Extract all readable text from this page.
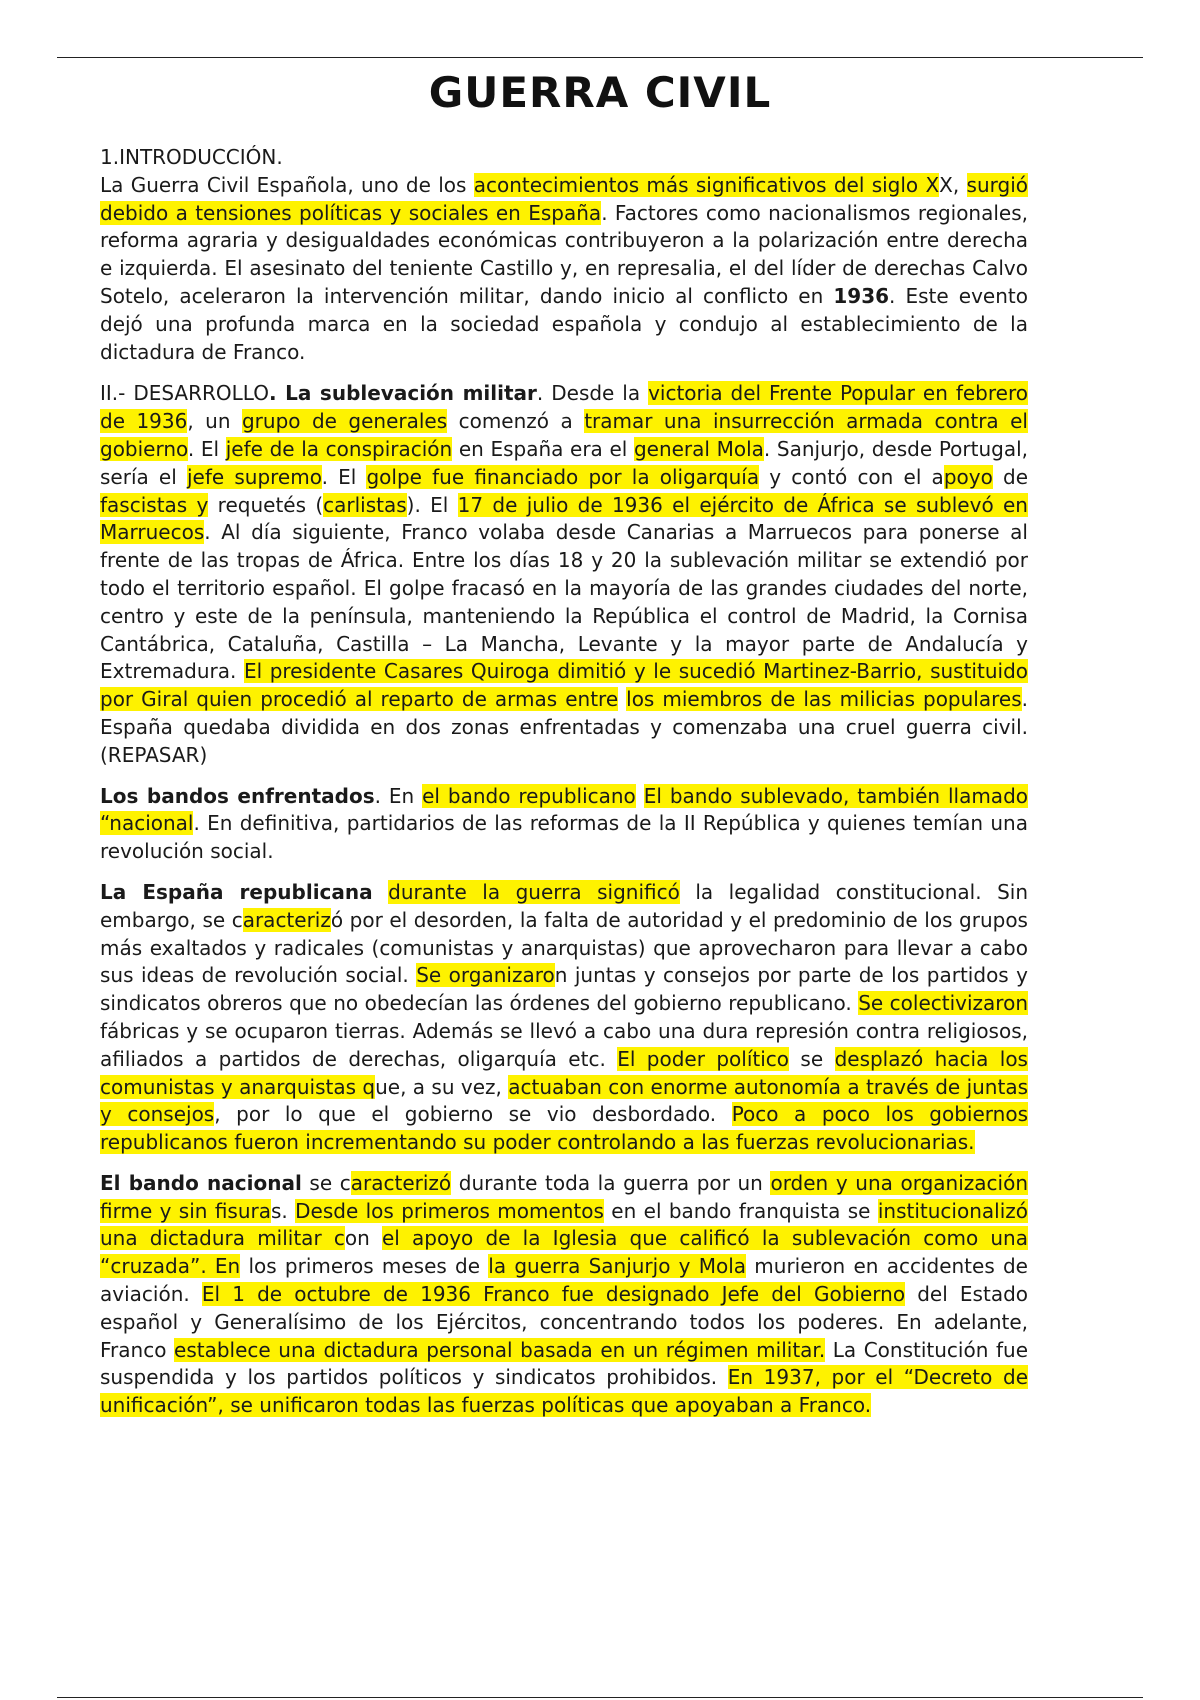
GUERRA CIVIL

1.INTRODUCCIÓN.
La Guerra Civil Española, uno de los acontecimientos más significativos del siglo XX, surgió debido a tensiones políticas y sociales en España. Factores como nacionalismos regionales, reforma agraria y desigualdades económicas contribuyeron a la polarización entre derecha e izquierda. El asesinato del teniente Castillo y, en represalia, el del líder de derechas Calvo Sotelo, aceleraron la intervención militar, dando inicio al conflicto en 1936. Este evento dejó una profunda marca en la sociedad española y condujo al establecimiento de la dictadura de Franco.

II.- DESARROLLO. La sublevación militar. Desde la victoria del Frente Popular en febrero de 1936, un grupo de generales comenzó a tramar una insurrección armada contra el gobierno. El jefe de la conspiración en España era el general Mola. Sanjurjo, desde Portugal, sería el jefe supremo. El golpe fue financiado por la oligarquía y contó con el apoyo de fascistas y requetés (carlistas). El 17 de julio de 1936 el ejército de África se sublevó en Marruecos. Al día siguiente, Franco volaba desde Canarias a Marruecos para ponerse al frente de las tropas de África. Entre los días 18 y 20 la sublevación militar se extendió por todo el territorio español. El golpe fracasó en la mayoría de las grandes ciudades del norte, centro y este de la península, manteniendo la República el control de Madrid, la Cornisa Cantábrica, Cataluña, Castilla – La Mancha, Levante y la mayor parte de Andalucía y Extremadura. El presidente Casares Quiroga dimitió y le sucedió Martinez-Barrio, sustituido por Giral quien procedió al reparto de armas entre los miembros de las milicias populares. España quedaba dividida en dos zonas enfrentadas y comenzaba una cruel guerra civil.(REPASAR)

Los bandos enfrentados. En el bando republicano El bando sublevado, también llamado “nacional. En definitiva, partidarios de las reformas de la II República y quienes temían una revolución social.

La España republicana durante la guerra significó la legalidad constitucional. Sin embargo, se caracterizó por el desorden, la falta de autoridad y el predominio de los grupos más exaltados y radicales (comunistas y anarquistas) que aprovecharon para llevar a cabo sus ideas de revolución social. Se organizaron juntas y consejos por parte de los partidos y sindicatos obreros que no obedecían las órdenes del gobierno republicano. Se colectivizaron fábricas y se ocuparon tierras. Además se llevó a cabo una dura represión contra religiosos, afiliados a partidos de derechas, oligarquía etc. El poder político se desplazó hacia los comunistas y anarquistas que, a su vez, actuaban con enorme autonomía a través de juntas y consejos, por lo que el gobierno se vio desbordado. Poco a poco los gobiernos republicanos fueron incrementando su poder controlando a las fuerzas revolucionarias.

El bando nacional se caracterizó durante toda la guerra por un orden y una organización firme y sin fisuras. Desde los primeros momentos en el bando franquista se institucionalizó una dictadura militar con el apoyo de la Iglesia que calificó la sublevación como una “cruzada”. En los primeros meses de la guerra Sanjurjo y Mola murieron en accidentes de aviación. El 1 de octubre de 1936 Franco fue designado Jefe del Gobierno del Estado español y Generalísimo de los Ejércitos, concentrando todos los poderes. En adelante, Franco establece una dictadura personal basada en un régimen militar. La Constitución fue suspendida y los partidos políticos y sindicatos prohibidos. En 1937, por el “Decreto de unificación”, se unificaron todas las fuerzas políticas que apoyaban a Franco.
